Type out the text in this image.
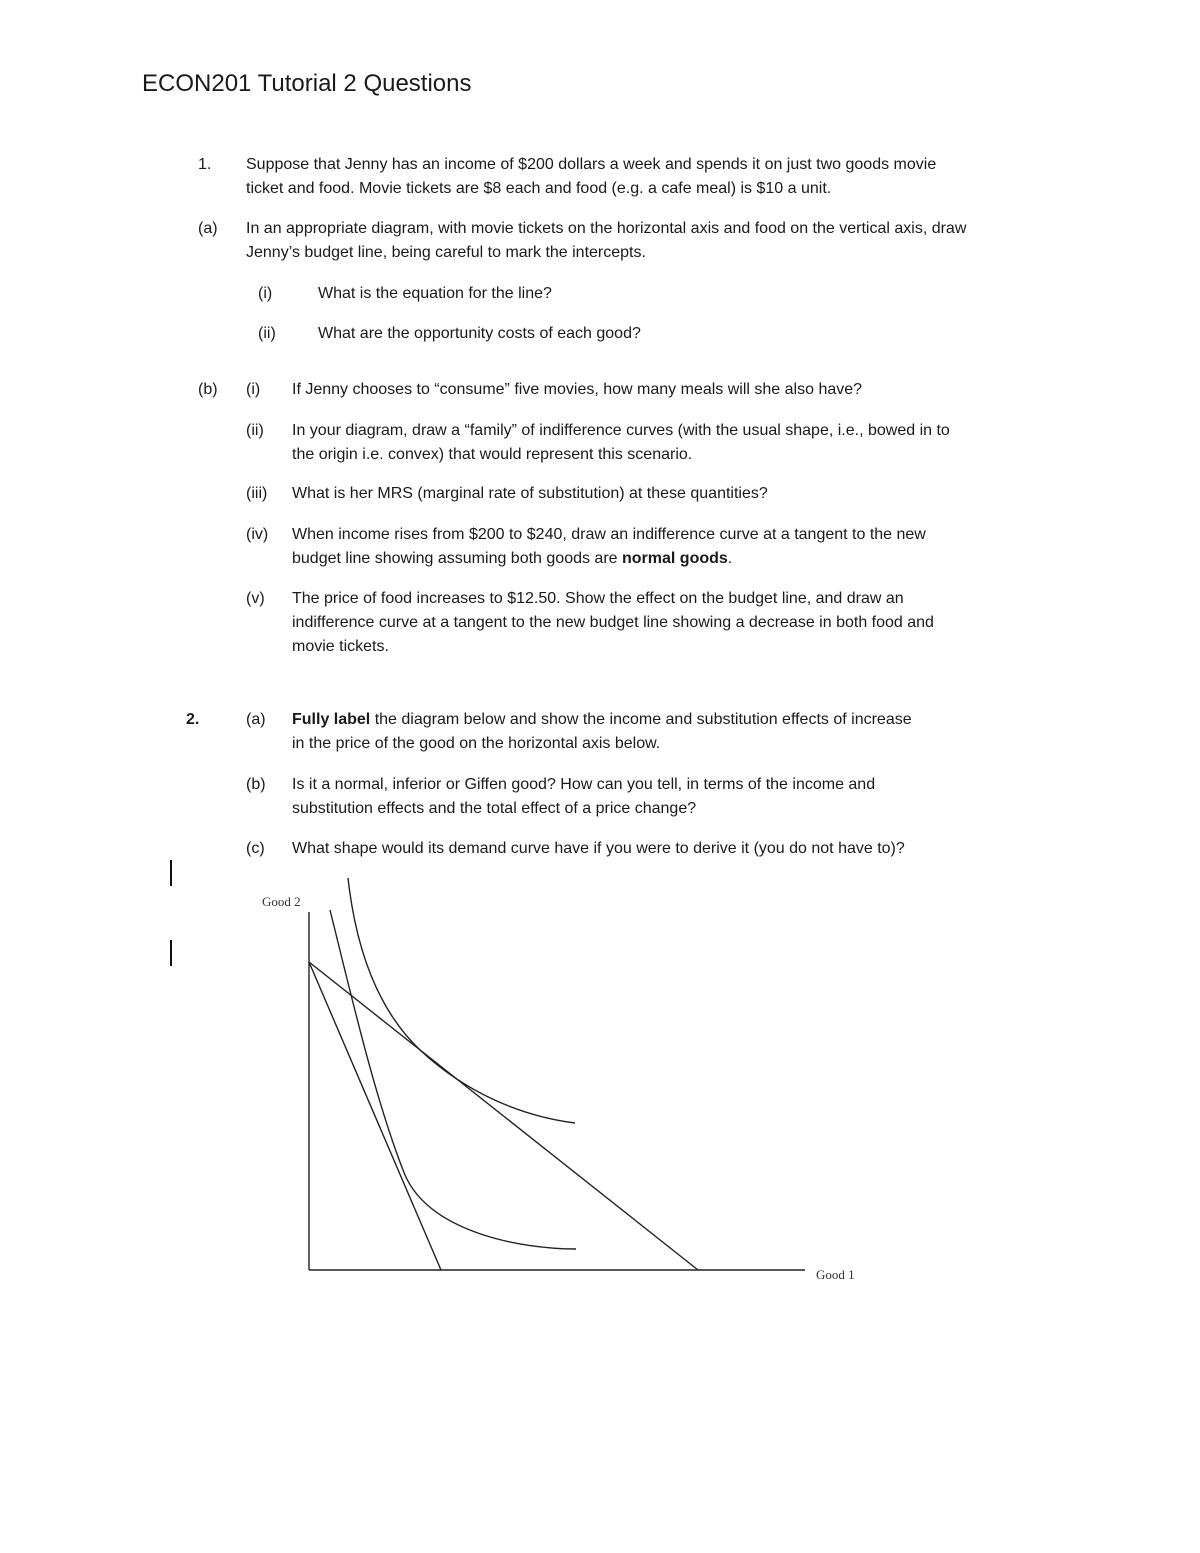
ECON201 Tutorial 2 Questions
1. Suppose that Jenny has an income of $200 dollars a week and spends it on just two goods movie
ticket and food. Movie tickets are $8 each and food (e.g. a cafe meal) is $10 a unit.
(a) In an appropriate diagram, with movie tickets on the horizontal axis and food on the vertical axis, draw
Jenny’s budget line, being careful to mark the intercepts.
(i)	What is the equation for the line?
(ii)	What are the opportunity costs of each good?
(b) (i) If Jenny chooses to “consume” five movies, how many meals will she also have?
(ii) In your diagram, draw a “family” of indifference curves (with the usual shape, i.e., bowed in to
the origin i.e. convex) that would represent this scenario.
(iii) What is her MRS (marginal rate of substitution) at these quantities?
(iv) When income rises from $200 to $240, draw an indifference curve at a tangent to the new
budget line showing assuming both goods are normal goods.
(v) The price of food increases to $12.50. Show the effect on the budget line, and draw an
indifference curve at a tangent to the new budget line showing a decrease in both food and
movie tickets.
2.	(a) Fully label the diagram below and show the income and substitution effects of increase
in the price of the good on the horizontal axis below.
(b) Is it a normal, inferior or Giffen good? How can you tell, in terms of the income and
substitution effects and the total effect of a price change?
(c) What shape would its demand curve have if you were to derive it (you do not have to)?
Good 2
Good 1
